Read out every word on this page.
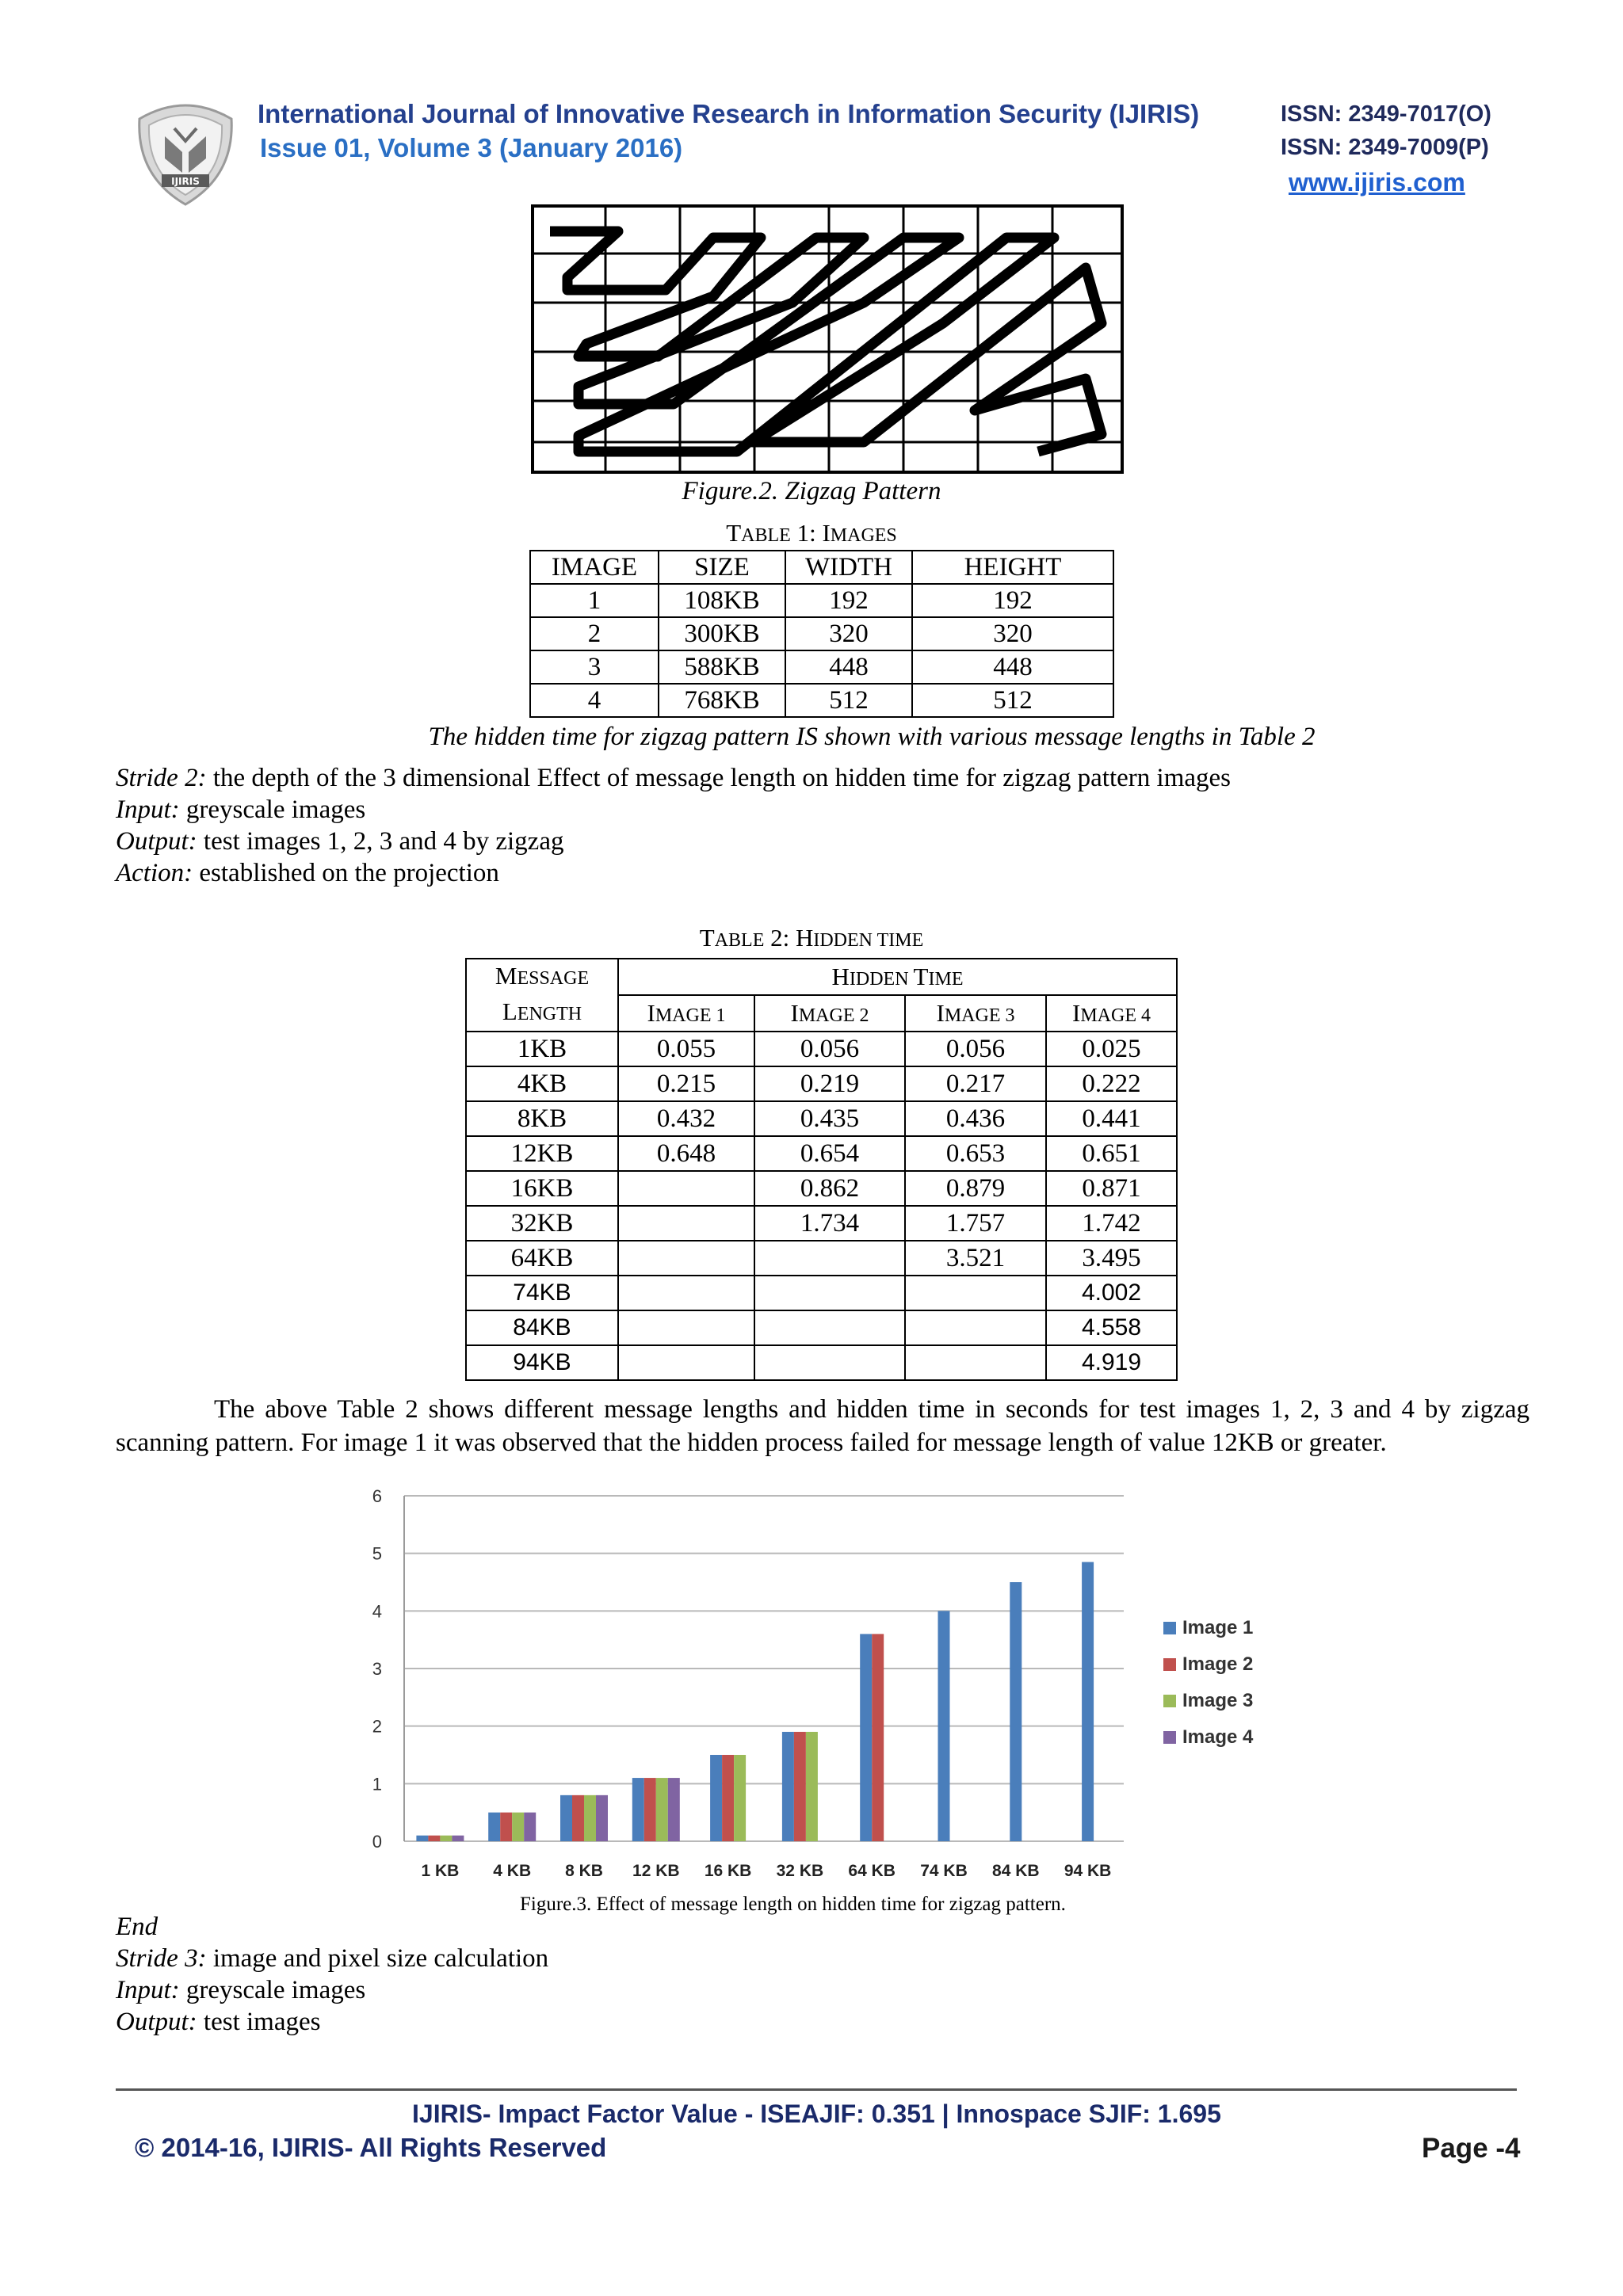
IJIRIS
International Journal of Innovative Research in Information Security (IJIRIS)
Issue 01, Volume 3 (January 2016)
ISSN: 2349-7017(O)
ISSN: 2349-7009(P)
www.ijiris.com
Figure.2. Zigzag Pattern
TABLE 1: IMAGES
IMAGE	SIZE	WIDTH	HEIGHT
1	108KB	192	192
2	300KB	320	320
3	588KB	448	448
4	768KB	512	512
The hidden time for zigzag pattern IS shown with various message lengths in Table 2
Stride 2: the depth of the 3 dimensional Effect of message length on hidden time for zigzag pattern images
Input: greyscale images
Output: test images 1, 2, 3 and 4 by zigzag
Action: established on the projection
TABLE 2: HIDDEN TIME
MESSAGE
LENGTH	HIDDEN TIME			
	IMAGE 1	IMAGE 2	IMAGE 3	IMAGE 4
1KB	0.055	0.056	0.056	0.025
4KB	0.215	0.219	0.217	0.222
8KB	0.432	0.435	0.436	0.441
12KB	0.648	0.654	0.653	0.651
16KB		0.862	0.879	0.871
32KB		1.734	1.757	1.742
64KB			3.521	3.495
74KB				4.002
84KB				4.558
94KB				4.919
The above Table 2 shows different message lengths and hidden time in seconds for test images 1, 2, 3 and 4 by zigzag scanning pattern. For image 1 it was observed that the hidden process failed for message length of value 12KB or greater.
0
1
2
3
4
5
6
1 KB 4 KB 8 KB 12 KB 16 KB 32 KB 64 KB 74 KB 84 KB 94 KB
Image 1
Image 2
Image 3
Image 4
Figure.3. Effect of message length on hidden time for zigzag pattern.
End
Stride 3: image and pixel size calculation
Input: greyscale images
Output: test images
IJIRIS- Impact Factor Value - ISEAJIF: 0.351 | Innospace SJIF: 1.695
© 2014-16, IJIRIS- All Rights Reserved	Page -4
